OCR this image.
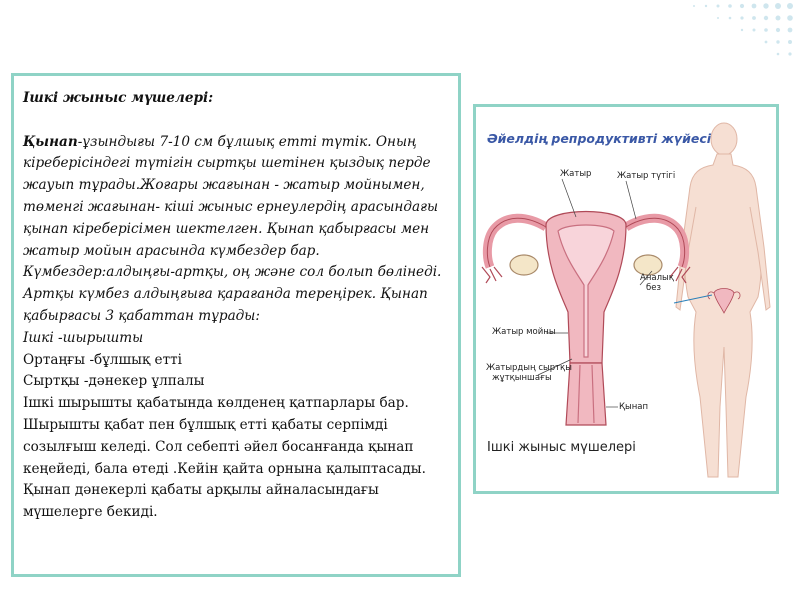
Ішкі жыныс мүшелері:

Қынап-ұзындығы 7-10 см бұлшық етті түтік. Оның кіреберісіндегі түтігін сыртқы шетінен қыздық перде жауып тұрады.Жоғары жағынан - жатыр мойнымен, төменгі жағынан- кіші жыныс ернеулердің арасындағы қынап кіреберісімен шектелген. Қынап қабырғасы мен жатыр мойын арасында күмбездер бар. Күмбездер:алдыңғы-артқы, оң және сол болып бөлінеді. Артқы күмбез алдыңғыға қарағанда тереңірек. Қынап қабырғасы 3 қабаттан тұрады:

Ішкі -шырышты

Ортаңғы -бұлшық етті

Сыртқы -дәнекер ұлпалы

Ішкі шырышты қабатында көлденең қатпарлары бар. Шырышты қабат пен бұлшық етті қабаты серпімді созылғыш келеді. Сол себепті әйел босанғанда қынап кеңейеді, бала өтеді .Кейін қайта орнына қалыптасады. Қынап дәнекерлі қабаты арқылы айналасындағы мүшелерге бекиді.

Әйелдің репродуктивті жүйесі
Жатыр	Жатыр түтігі
Аналық
без
Жатыр мойны
Жатырдың сыртқы
жұтқыншағы
Қынап
Ішкі жыныс мүшелері
